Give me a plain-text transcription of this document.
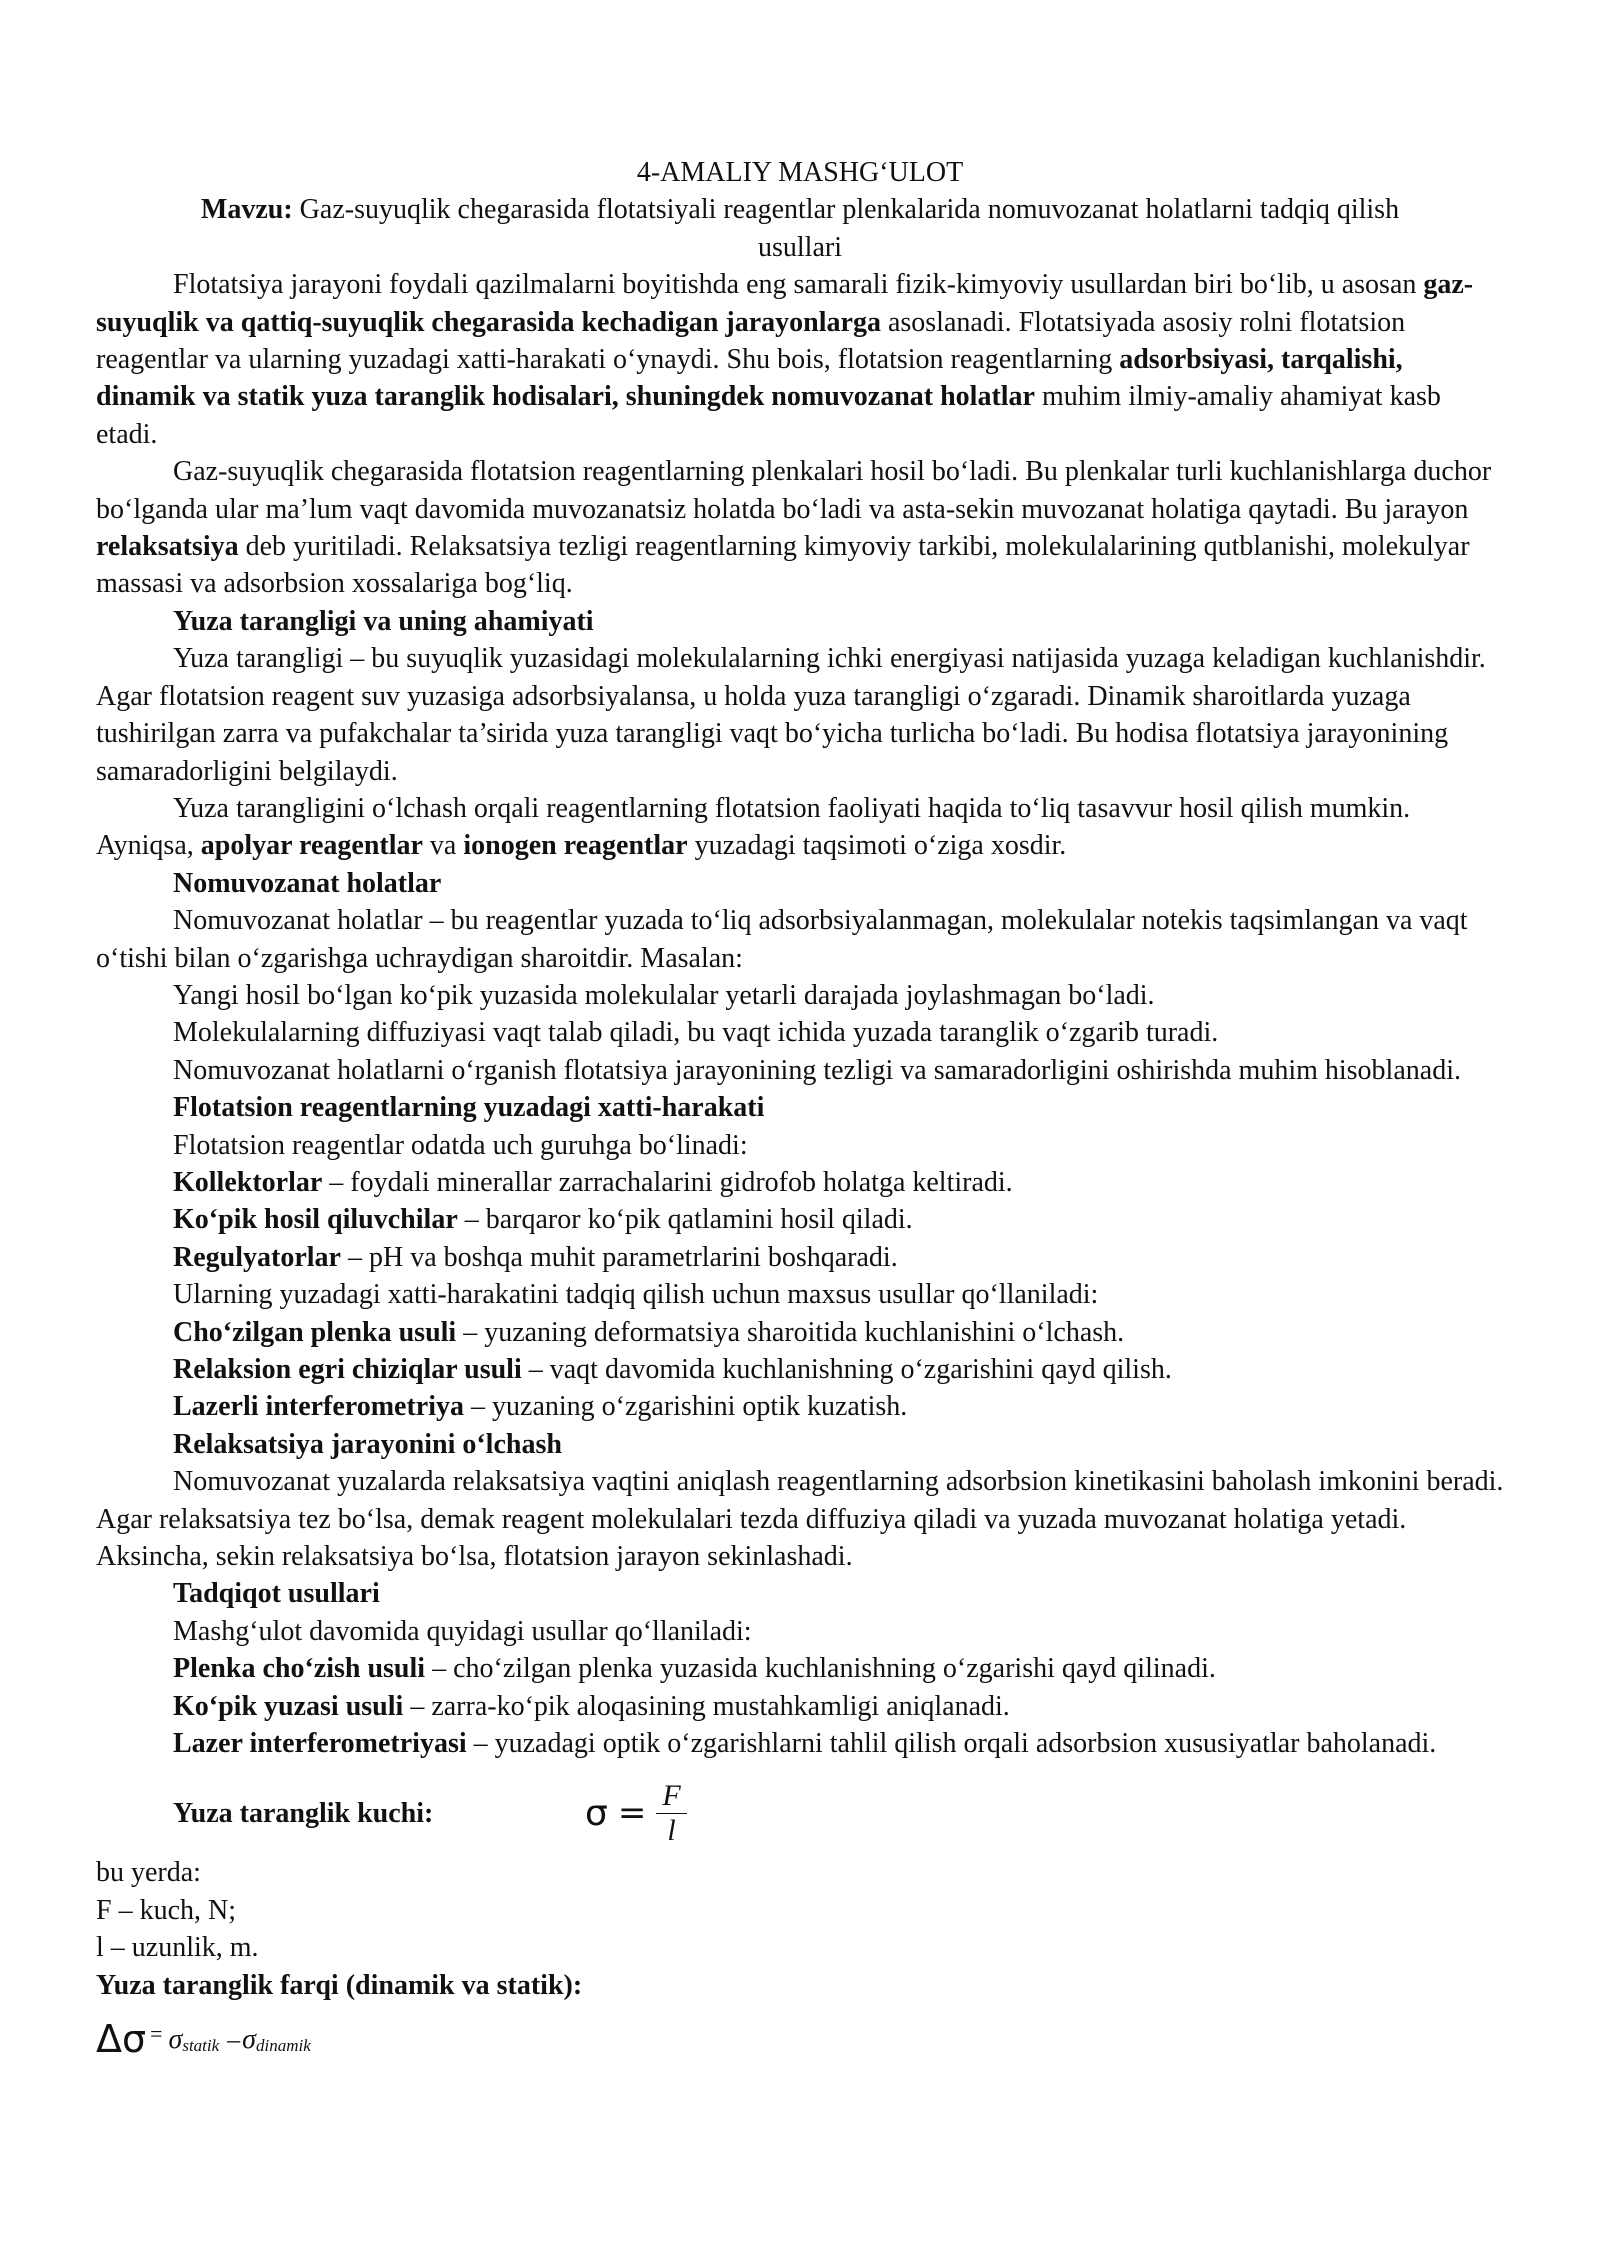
4-AMALIY MASHG‘ULOT

Mavzu: Gaz-suyuqlik chegarasida flotatsiyali reagentlar plenkalarida nomuvozanat holatlarni tadqiq qilish usullari

Flotatsiya jarayoni foydali qazilmalarni boyitishda eng samarali fizik-kimyoviy usullardan biri bo‘lib, u asosan gaz-suyuqlik va qattiq-suyuqlik chegarasida kechadigan jarayonlarga asoslanadi. Flotatsiyada asosiy rolni flotatsion reagentlar va ularning yuzadagi xatti-harakati o‘ynaydi. Shu bois, flotatsion reagentlarning adsorbsiyasi, tarqalishi, dinamik va statik yuza taranglik hodisalari, shuningdek nomuvozanat holatlar muhim ilmiy-amaliy ahamiyat kasb etadi.

Gaz-suyuqlik chegarasida flotatsion reagentlarning plenkalari hosil bo‘ladi. Bu plenkalar turli kuchlanishlarga duchor bo‘lganda ular ma’lum vaqt davomida muvozanatsiz holatda bo‘ladi va asta-sekin muvozanat holatiga qaytadi. Bu jarayon relaksatsiya deb yuritiladi. Relaksatsiya tezligi reagentlarning kimyoviy tarkibi, molekulalarining qutblanishi, molekulyar massasi va adsorbsion xossalariga bog‘liq.

Yuza tarangligi va uning ahamiyati

Yuza tarangligi – bu suyuqlik yuzasidagi molekulalarning ichki energiyasi natijasida yuzaga keladigan kuchlanishdir. Agar flotatsion reagent suv yuzasiga adsorbsiyalansa, u holda yuza tarangligi o‘zgaradi. Dinamik sharoitlarda yuzaga tushirilgan zarra va pufakchalar ta’sirida yuza tarangligi vaqt bo‘yicha turlicha bo‘ladi. Bu hodisa flotatsiya jarayonining samaradorligini belgilaydi.

Yuza tarangligini o‘lchash orqali reagentlarning flotatsion faoliyati haqida to‘liq tasavvur hosil qilish mumkin. Ayniqsa, apolyar reagentlar va ionogen reagentlar yuzadagi taqsimoti o‘ziga xosdir.

Nomuvozanat holatlar

Nomuvozanat holatlar – bu reagentlar yuzada to‘liq adsorbsiyalanmagan, molekulalar notekis taqsimlangan va vaqt o‘tishi bilan o‘zgarishga uchraydigan sharoitdir. Masalan:

Yangi hosil bo‘lgan ko‘pik yuzasida molekulalar yetarli darajada joylashmagan bo‘ladi.

Molekulalarning diffuziyasi vaqt talab qiladi, bu vaqt ichida yuzada taranglik o‘zgarib turadi.

Nomuvozanat holatlarni o‘rganish flotatsiya jarayonining tezligi va samaradorligini oshirishda muhim hisoblanadi.

Flotatsion reagentlarning yuzadagi xatti-harakati

Flotatsion reagentlar odatda uch guruhga bo‘linadi:

Kollektorlar – foydali minerallar zarrachalarini gidrofob holatga keltiradi.

Ko‘pik hosil qiluvchilar – barqaror ko‘pik qatlamini hosil qiladi.

Regulyatorlar – pH va boshqa muhit parametrlarini boshqaradi.

Ularning yuzadagi xatti-harakatini tadqiq qilish uchun maxsus usullar qo‘llaniladi:

Cho‘zilgan plenka usuli – yuzaning deformatsiya sharoitida kuchlanishini o‘lchash.

Relaksion egri chiziqlar usuli – vaqt davomida kuchlanishning o‘zgarishini qayd qilish.

Lazerli interferometriya – yuzaning o‘zgarishini optik kuzatish.

Relaksatsiya jarayonini o‘lchash

Nomuvozanat yuzalarda relaksatsiya vaqtini aniqlash reagentlarning adsorbsion kinetikasini baholash imkonini beradi. Agar relaksatsiya tez bo‘lsa, demak reagent molekulalari tezda diffuziya qiladi va yuzada muvozanat holatiga yetadi. Aksincha, sekin relaksatsiya bo‘lsa, flotatsion jarayon sekinlashadi.

Tadqiqot usullari

Mashg‘ulot davomida quyidagi usullar qo‘llaniladi:

Plenka cho‘zish usuli – cho‘zilgan plenka yuzasida kuchlanishning o‘zgarishi qayd qilinadi.

Ko‘pik yuzasi usuli – zarra-ko‘pik aloqasining mustahkamligi aniqlanadi.

Lazer interferometriyasi – yuzadagi optik o‘zgarishlarni tahlil qilish orqali adsorbsion xususiyatlar baholanadi.

Yuza taranglik kuchi:	$\sigma = \frac{F}{l}$

bu yerda:

F – kuch, N;

l – uzunlik, m.

Yuza taranglik farqi (dinamik va statik):

Δσ = σ statik – σ dinamik
